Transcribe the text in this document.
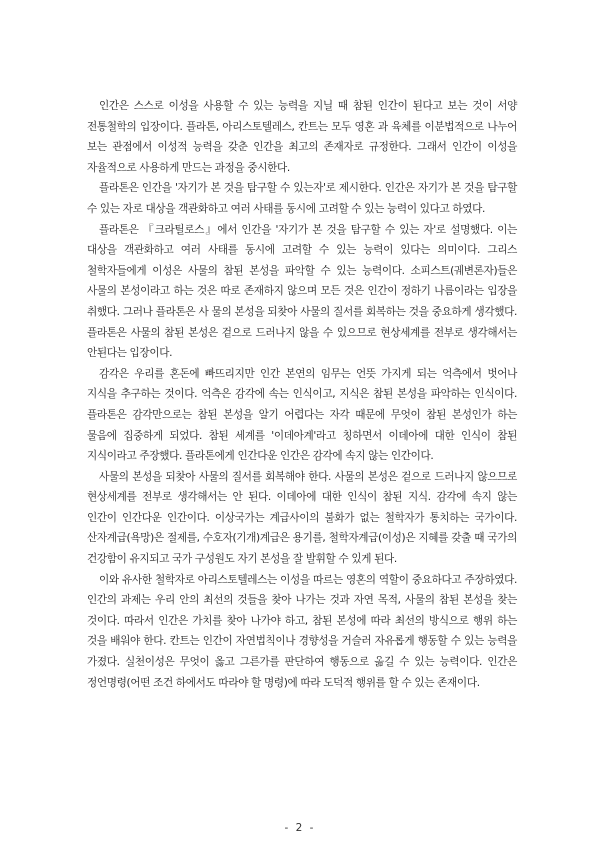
인간은 스스로 이성을 사용할 수 있는 능력을 지닐 때 참된 인간이 된다고 보는 것이 서양 전통철학의 입장이다. 플라톤, 아리스토텔레스, 칸트는 모두 영혼 과 육체를 이분법적으로 나누어 보는 관점에서 이성적 능력을 갖춘 인간을 최고의 존재자로 규정한다. 그래서 인간이 이성을 자율적으로 사용하게 만드는 과정을 중시한다.

플라톤은 인간을 '자기가 본 것을 탐구할 수 있는자'로 제시한다. 인간은 자기가 본 것을 탐구할 수 있는 자로 대상을 객관화하고 여러 사태를 동시에 고려할 수 있는 능력이 있다고 하였다.

플라톤은 『크라틸로스』에서 인간을 '자기가 본 것을 탐구할 수 있는 자'로 설명했다. 이는 대상을 객관화하고 여러 사태를 동시에 고려할 수 있는 능력이 있다는 의미이다. 그리스 철학자들에게 이성은 사물의 참된 본성을 파악할 수 있는 능력이다. 소피스트(궤변론자)들은 사물의 본성이라고 하는 것은 따로 존재하지 않으며 모든 것은 인간이 정하기 나름이라는 입장을 취했다. 그러나 플라톤은 사 물의 본성을 되찾아 사물의 질서를 회복하는 것을 중요하게 생각했다. 플라톤은 사물의 참된 본성은 겉으로 드러나지 않을 수 있으므로 현상세계를 전부로 생각해서는 안된다는 입장이다.

감각은 우리를 혼돈에 빠뜨리지만 인간 본연의 임무는 언뜻 가지게 되는 억측에서 벗어나 지식을 추구하는 것이다. 억측은 감각에 속는 인식이고, 지식은 참된 본성을 파악하는 인식이다. 플라톤은 감각만으로는 참된 본성을 알기 어렵다는 자각 때문에 무엇이 참된 본성인가 하는 물음에 집중하게 되었다. 참된 세계를 '이데아계'라고 칭하면서 이데아에 대한 인식이 참된 지식이라고 주장했다. 플라톤에게 인간다운 인간은 감각에 속지 않는 인간이다.

사물의 본성을 되찾아 사물의 질서를 회복해야 한다. 사물의 본성은 겉으로 드러나지 않으므로 현상세계를 전부로 생각해서는 안 된다. 이데아에 대한 인식이 참된 지식. 감각에 속지 않는 인간이 인간다운 인간이다. 이상국가는 계급사이의 불화가 없는 철학자가 통치하는 국가이다. 산자계급(욕망)은 절제를, 수호자(기개)계급은 용기를, 철학자계급(이성)은 지혜를 갖출 때 국가의 건강함이 유지되고 국가 구성원도 자기 본성을 잘 발휘할 수 있게 된다.

이와 유사한 철학자로 아리스토텔레스는 이성을 따르는 영혼의 역할이 중요하다고 주장하였다. 인간의 과제는 우리 안의 최선의 것들을 찾아 나가는 것과 자연 목적, 사물의 참된 본성을 찾는 것이다. 따라서 인간은 가치를 찾아 나가야 하고, 참된 본성에 따라 최선의 방식으로 행위 하는 것을 배워야 한다. 칸트는 인간이 자연법칙이나 경향성을 거슬러 자유롭게 행동할 수 있는 능력을 가졌다. 실천이성은 무엇이 옳고 그른가를 판단하여 행동으로 옮길 수 있는 능력이다. 인간은 정언명령(어떤 조건 하에서도 따라야 할 명령)에 따라 도덕적 행위를 할 수 있는 존재이다.

- 2 -
